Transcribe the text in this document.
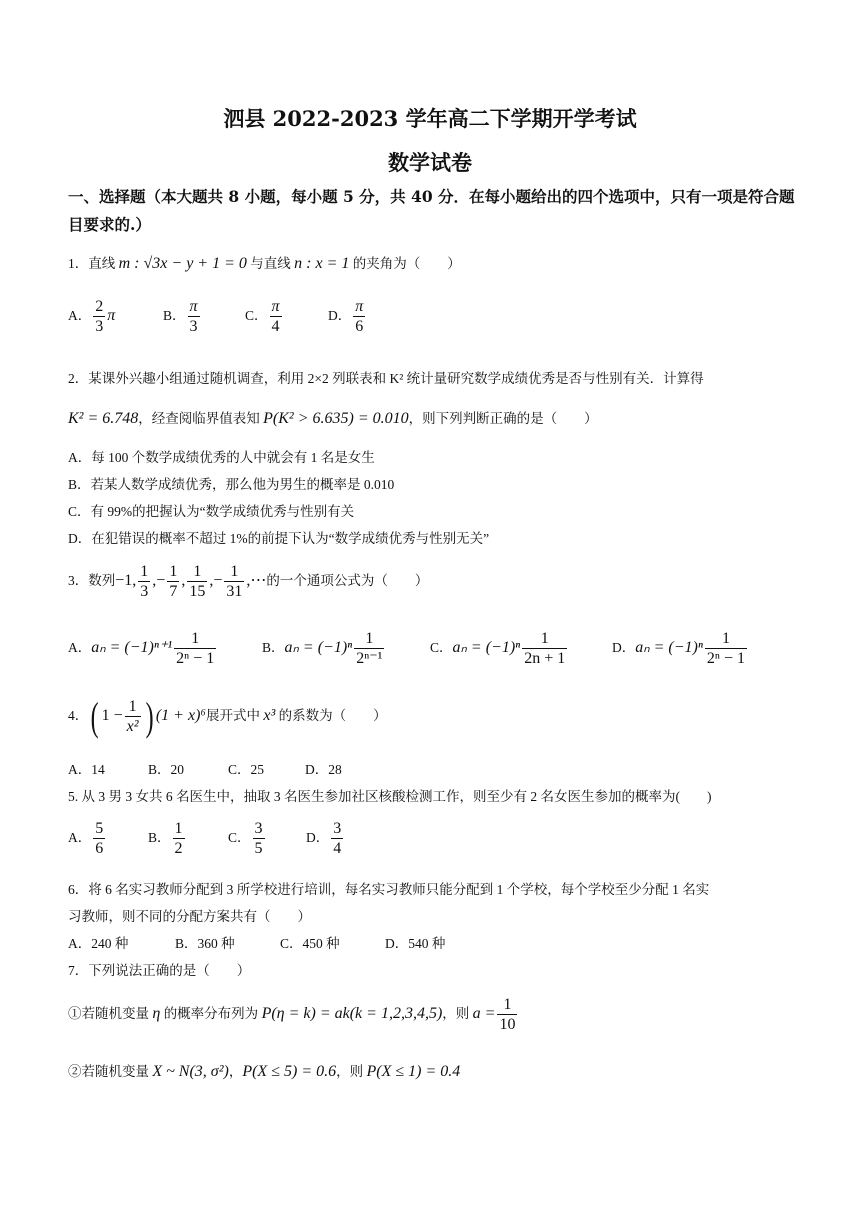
泗县 2022-2023 学年高二下学期开学考试
数学试卷
一、选择题（本大题共 8 小题，每小题 5 分，共 40 分．在每小题给出的四个选项中，只有一项是符合题目要求的.）
1．直线 m : √3x − y + 1 = 0 与直线 n : x = 1 的夹角为（　　）
A． $\frac{2}{3}$ π	B． $\frac{\pi}{3}$	C． $\frac{\pi}{4}$	D． $\frac{\pi}{6}$
2．某课外兴趣小组通过随机调查，利用 2×2 列联表和 K² 统计量研究数学成绩优秀是否与性别有关．计算得
K² = 6.748，经查阅临界值表知 P(K² > 6.635) = 0.010，则下列判断正确的是（　　）
A．每 100 个数学成绩优秀的人中就会有 1 名是女生
B．若某人数学成绩优秀，那么他为男生的概率是 0.010
C．有 99%的把握认为“数学成绩优秀与性别有关
D．在犯错误的概率不超过 1%的前提下认为“数学成绩优秀与性别无关”
3．数列−1, $\frac{1}{3}$ ,− $\frac{1}{7}$ , $\frac{1}{15}$ ,− $\frac{1}{31}$ ,⋯的一个通项公式为（　　）
A．$a_n = (-1)^{n+1} \frac{1}{\text{2ⁿ − 1}}$	B．$a_n = (-1)^n \frac{1}{\text{2ⁿ⁻¹}}$	C．$a_n = (-1)^n \frac{1}{2n + 1}$	D．$a_n = (-1)^n \frac{1}{\text{2ⁿ − 1}}$
4．( $1 - \frac{1}{\text{x²}}$ ) (1 + x)⁶展开式中 x³ 的系数为（　　）
A．14	B．20	C．25	D．28
5. 从 3 男 3 女共 6 名医生中，抽取 3 名医生参加社区核酸检测工作，则至少有 2 名女医生参加的概率为(　　)
A． $\frac{5}{6}$	B． $\frac{1}{2}$	C． $\frac{3}{5}$	D． $\frac{3}{4}$
6．将 6 名实习教师分配到 3 所学校进行培训，每名实习教师只能分配到 1 个学校，每个学校至少分配 1 名实
习教师，则不同的分配方案共有（　　）
A．240 种	B．360 种	C．450 种	D．540 种
7．下列说法正确的是（　　）
①若随机变量 η 的概率分布列为 P(η = k) = ak(k = 1,2,3,4,5)，则 $a = \frac{1}{10}$
②若随机变量 X ~ N(3, σ²)，P(X ≤ 5) = 0.6，则 P(X ≤ 1) = 0.4
